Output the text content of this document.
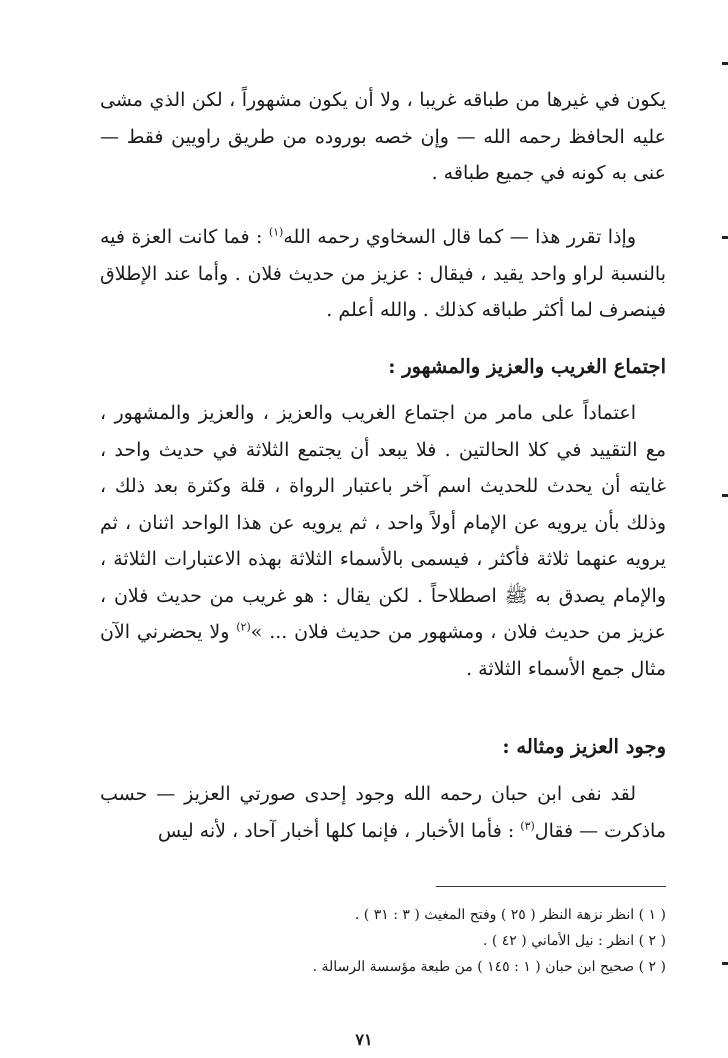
يكون في غيرها من طباقه غريبا ، ولا أن يكون مشهوراً ، لكن الذي مشى عليه الحافظ رحمه الله — وإن خصه بوروده من طريق راويين فقط — عنى به كونه في جميع طباقه .

وإذا تقرر هذا — كما قال السخاوي رحمه الله$^{(١)}$ : فما كانت العزة فيه بالنسبة لراو واحد يقيد ، فيقال : عزيز من حديث فلان . وأما عند الإطلاق فينصرف لما أكثر طباقه كذلك . والله أعلم .

اجتماع الغريب والعزيز والمشهور :

اعتماداً على مامر من اجتماع الغريب والعزيز ، والعزيز والمشهور ، مع التقييد في كلا الحالتين . فلا يبعد أن يجتمع الثلاثة في حديث واحد ، غايته أن يحدث للحديث اسم آخر باعتبار الرواة ، قلة وكثرة بعد ذلك ، وذلك بأن يرويه عن الإمام أولاً واحد ، ثم يرويه عن هذا الواحد اثنان ، ثم يرويه عنهما ثلاثة فأكثر ، فيسمى بالأسماء الثلاثة بهذه الاعتبارات الثلاثة ، والإمام يصدق به ﷺ اصطلاحاً . لكن يقال : هو غريب من حديث فلان ، عزيز من حديث فلان ، ومشهور من حديث فلان ... »$^{(٢)}$ ولا يحضرني الآن مثال جمع الأسماء الثلاثة .

وجود العزيز ومثاله :

لقد نفى ابن حبان رحمه الله وجود إحدى صورتي العزيز — حسب ماذكرت — فقال$^{(٣)}$ : فأما الأخبار ، فإنما كلها أخبار آحاد ، لأنه ليس

( ١ ) انظر نزهة النظر ( ٢٥ ) وفتح المغيث ( ٣ : ٣١ ) .
( ٢ ) انظر : نيل الأماني ( ٤٢ ) .
( ٢ ) صحيح ابن حبان ( ١ : ١٤٥ ) من طبعة مؤسسة الرسالة .
٧١
